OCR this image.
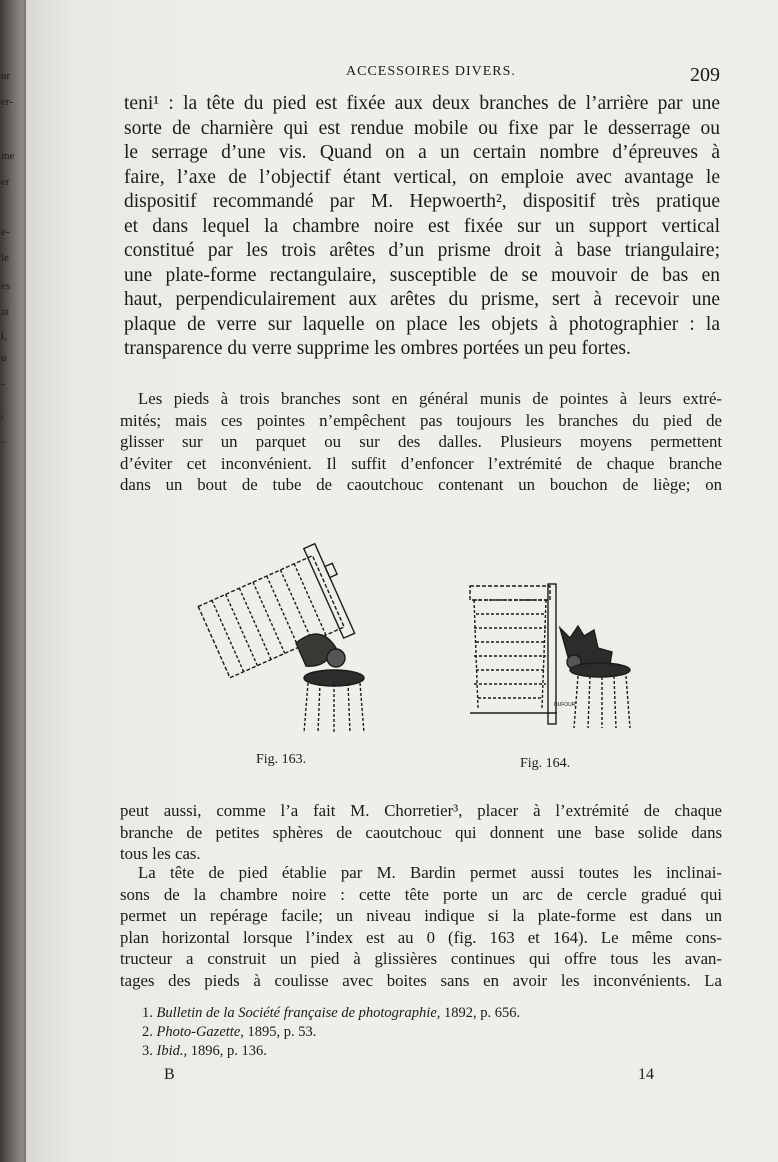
ur
er-
me
er
e-
le
es
at
l,
u
-
;
-
ACCESSOIRES DIVERS.	209
teni¹ : la tête du pied est fixée aux deux branches de l’arrière par une
sorte de charnière qui est rendue mobile ou fixe par le desserrage ou
le serrage d’une vis. Quand on a un certain nombre d’épreuves à
faire, l’axe de l’objectif étant vertical, on emploie avec avantage le
dispositif recommandé par M. Hepwoerth², dispositif très pratique
et dans lequel la chambre noire est fixée sur un support vertical
constitué par les trois arêtes d’un prisme droit à base triangulaire;
une plate-forme rectangulaire, susceptible de se mouvoir de bas en
haut, perpendiculairement aux arêtes du prisme, sert à recevoir une
plaque de verre sur laquelle on place les objets à photographier : la
transparence du verre supprime les ombres portées un peu fortes.
Les pieds à trois branches sont en général munis de pointes à leurs extré-
mités; mais ces pointes n’empêchent pas toujours les branches du pied de
glisser sur un parquet ou sur des dalles. Plusieurs moyens permettent
d’éviter cet inconvénient. Il suffit d’enfoncer l’extrémité de chaque branche
dans un bout de tube de caoutchouc contenant un bouchon de liège; on
Fig. 163.
DUFOUR
Fig. 164.
peut aussi, comme l’a fait M. Chorretier³, placer à l’extrémité de chaque
branche de petites sphères de caoutchouc qui donnent une base solide dans
tous les cas.
La tête de pied établie par M. Bardin permet aussi toutes les inclinai-
sons de la chambre noire : cette tête porte un arc de cercle gradué qui
permet un repérage facile; un niveau indique si la plate-forme est dans un
plan horizontal lorsque l’index est au 0 (fig. 163 et 164). Le même cons-
tructeur a construit un pied à glissières continues qui offre tous les avan-
tages des pieds à coulisse avec boites sans en avoir les inconvénients. La
1. Bulletin de la Société française de photographie, 1892, p. 656.
2. Photo-Gazette, 1895, p. 53.
3. Ibid., 1896, p. 136.
B	14
